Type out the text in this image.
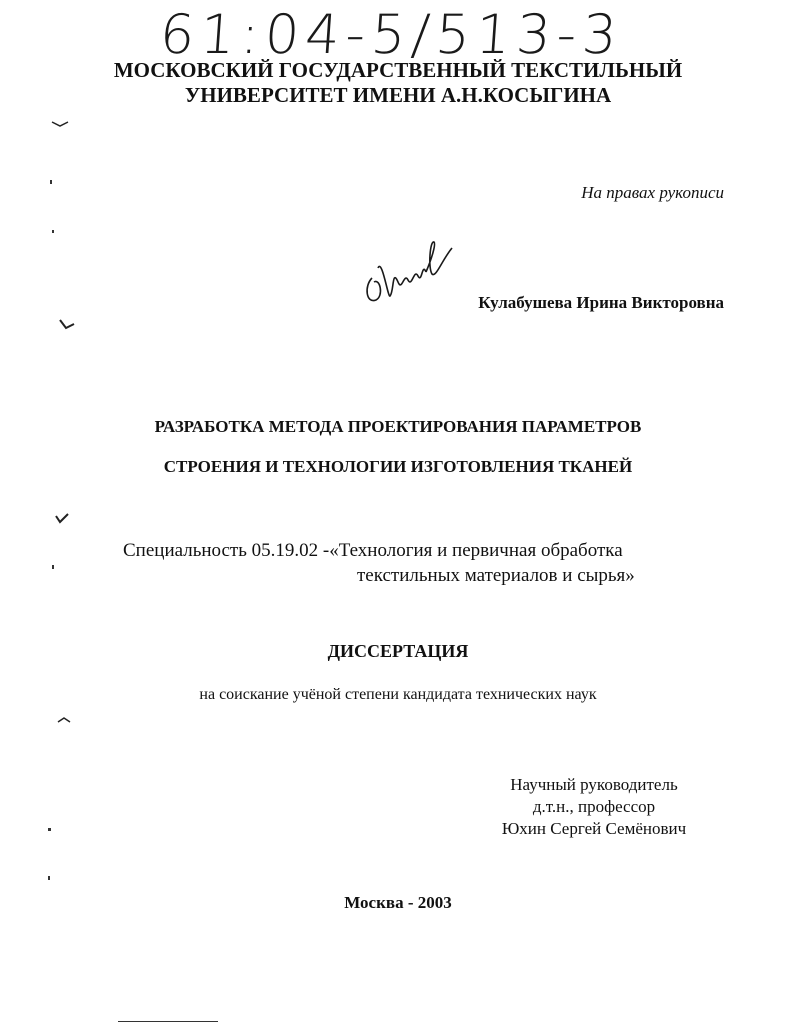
61:04-5/513-3
МОСКОВСКИЙ ГОСУДАРСТВЕННЫЙ ТЕКСТИЛЬНЫЙ
УНИВЕРСИТЕТ ИМЕНИ А.Н.КОСЫГИНА
На правах рукописи
Кулабушева Ирина Викторовна
РАЗРАБОТКА МЕТОДА ПРОЕКТИРОВАНИЯ ПАРАМЕТРОВ
СТРОЕНИЯ И ТЕХНОЛОГИИ ИЗГОТОВЛЕНИЯ ТКАНЕЙ
Специальность 05.19.02 -«Технология и первичная обработка
текстильных материалов и сырья»
ДИССЕРТАЦИЯ
на соискание учёной степени кандидата технических наук
Научный руководитель
д.т.н., профессор
Юхин Сергей Семёнович
Москва - 2003
